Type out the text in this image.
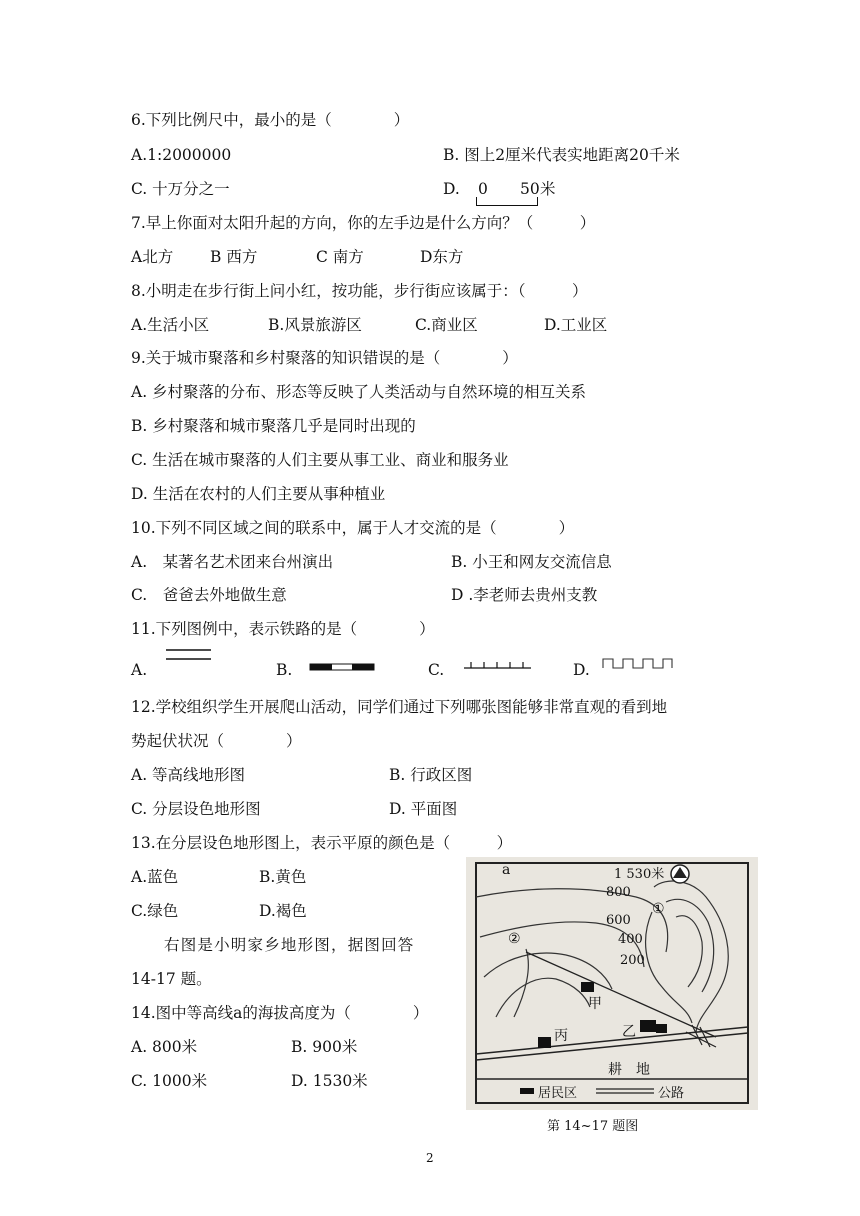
6.下列比例尺中，最小的是（　　　　）
A.1:2000000	B. 图上2厘米代表实地距离20千米
C. 十万分之一	D. 0 50 米
7.早上你面对太阳升起的方向，你的左手边是什么方向？（　　　）
A北方 B 西方	C 南方	D东方
8.小明走在步行街上问小红，按功能，步行街应该属于：（　　　）
A.生活小区	B.风景旅游区	C.商业区	D.工业区
9.关于城市聚落和乡村聚落的知识错误的是（　　　　）
A. 乡村聚落的分布、形态等反映了人类活动与自然环境的相互关系
B. 乡村聚落和城市聚落几乎是同时出现的
C. 生活在城市聚落的人们主要从事工业、商业和服务业
D. 生活在农村的人们主要从事种植业
10.下列不同区域之间的联系中，属于人才交流的是（　　　　）
A.　某著名艺术团来台州演出	B. 小王和网友交流信息
C.　爸爸去外地做生意	D .李老师去贵州支教
11.下列图例中，表示铁路的是（　　　　）
A.	B.	C.	D.
12.学校组织学生开展爬山活动，同学们通过下列哪张图能够非常直观的看到地
势起伏状况（　　　　）
A. 等高线地形图	B. 行政区图
C. 分层设色地形图	D. 平面图
13.在分层设色地形图上，表示平原的颜色是（　　　）
A.蓝色	B.黄色
C.绿色	D.褐色
右图是小明家乡地形图，据图回答
14-17 题。
14.图中等高线a的海拔高度为（　　　　）
A. 800米	B. 900米
C. 1000米	D. 1530米
a	1 530米
800
600
400
200
①
②
甲
乙
丙
耕　地
居民区	公路
第 14~17 题图
2
